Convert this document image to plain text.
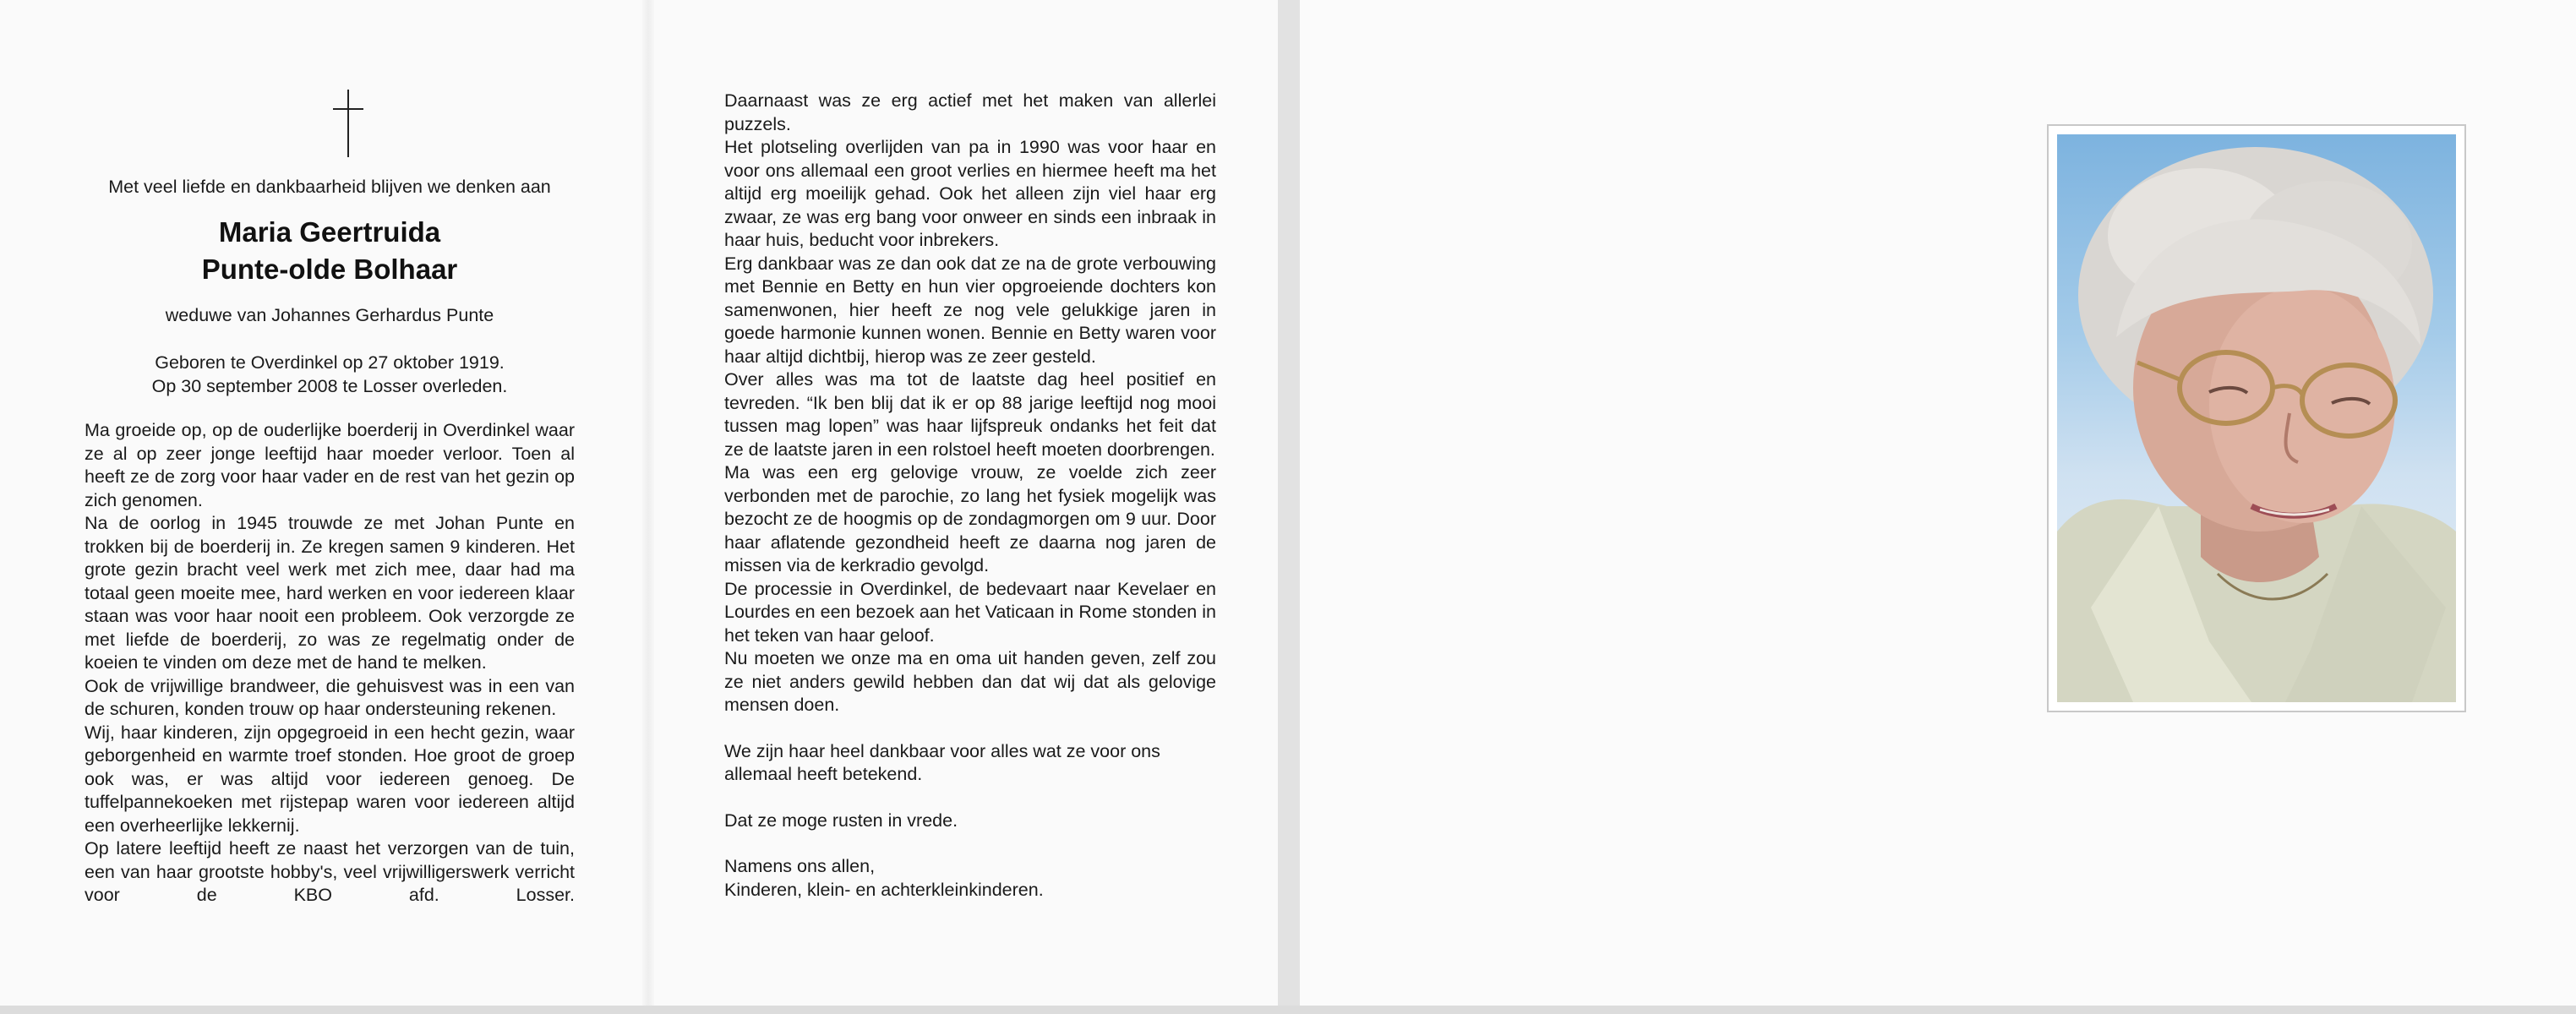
Met veel liefde en dankbaarheid blijven we denken aan
Maria Geertruida
Punte-olde Bolhaar
weduwe van Johannes Gerhardus Punte
Geboren te Overdinkel op 27 oktober 1919.
Op 30 september 2008 te Losser overleden.

Ma groeide op, op de ouderlijke boerderij in Overdinkel waar ze al op zeer jonge leeftijd haar moeder verloor. Toen al heeft ze de zorg voor haar vader en de rest van het gezin op zich genomen.

Na de oorlog in 1945 trouwde ze met Johan Punte en trokken bij de boerderij in. Ze kregen samen 9 kinderen. Het grote gezin bracht veel werk met zich mee, daar had ma totaal geen moeite mee, hard werken en voor iedereen klaar staan was voor haar nooit een probleem. Ook verzorgde ze met liefde de boerderij, zo was ze regelmatig onder de koeien te vinden om deze met de hand te melken.

Ook de vrijwillige brandweer, die gehuisvest was in een van de schuren, konden trouw op haar ondersteuning rekenen.

Wij, haar kinderen, zijn opgegroeid in een hecht gezin, waar geborgenheid en warmte troef stonden. Hoe groot de groep ook was, er was altijd voor iedereen genoeg. De tuffelpannekoeken met rijstepap waren voor iedereen altijd een overheerlijke lekkernij.

Op latere leeftijd heeft ze naast het verzorgen van de tuin, een van haar grootste hobby's, veel vrijwilligerswerk verricht voor de KBO afd. Losser.

Daarnaast was ze erg actief met het maken van allerlei puzzels.

Het plotseling overlijden van pa in 1990 was voor haar en voor ons allemaal een groot verlies en hiermee heeft ma het altijd erg moeilijk gehad. Ook het alleen zijn viel haar erg zwaar, ze was erg bang voor onweer en sinds een inbraak in haar huis, beducht voor inbrekers.

Erg dankbaar was ze dan ook dat ze na de grote verbouwing met Bennie en Betty en hun vier opgroeiende dochters kon samenwonen, hier heeft ze nog vele gelukkige jaren in goede harmonie kunnen wonen. Bennie en Betty waren voor haar altijd dichtbij, hierop was ze zeer gesteld.

Over alles was ma tot de laatste dag heel positief en tevreden. “Ik ben blij dat ik er op 88 jarige leeftijd nog mooi tussen mag lopen” was haar lijfspreuk ondanks het feit dat ze de laatste jaren in een rolstoel heeft moeten doorbrengen.

Ma was een erg gelovige vrouw, ze voelde zich zeer verbonden met de parochie, zo lang het fysiek mogelijk was bezocht ze de hoogmis op de zondagmorgen om 9 uur. Door haar aflatende gezondheid heeft ze daarna nog jaren de missen via de kerkradio gevolgd.

De processie in Overdinkel, de bedevaart naar Kevelaer en Lourdes en een bezoek aan het Vaticaan in Rome stonden in het teken van haar geloof.

Nu moeten we onze ma en oma uit handen geven, zelf zou ze niet anders gewild hebben dan dat wij dat als gelovige mensen doen.

We zijn haar heel dankbaar voor alles wat ze voor ons allemaal heeft betekend.

Dat ze moge rusten in vrede.

Namens ons allen,
Kinderen, klein- en achterkleinkinderen.
